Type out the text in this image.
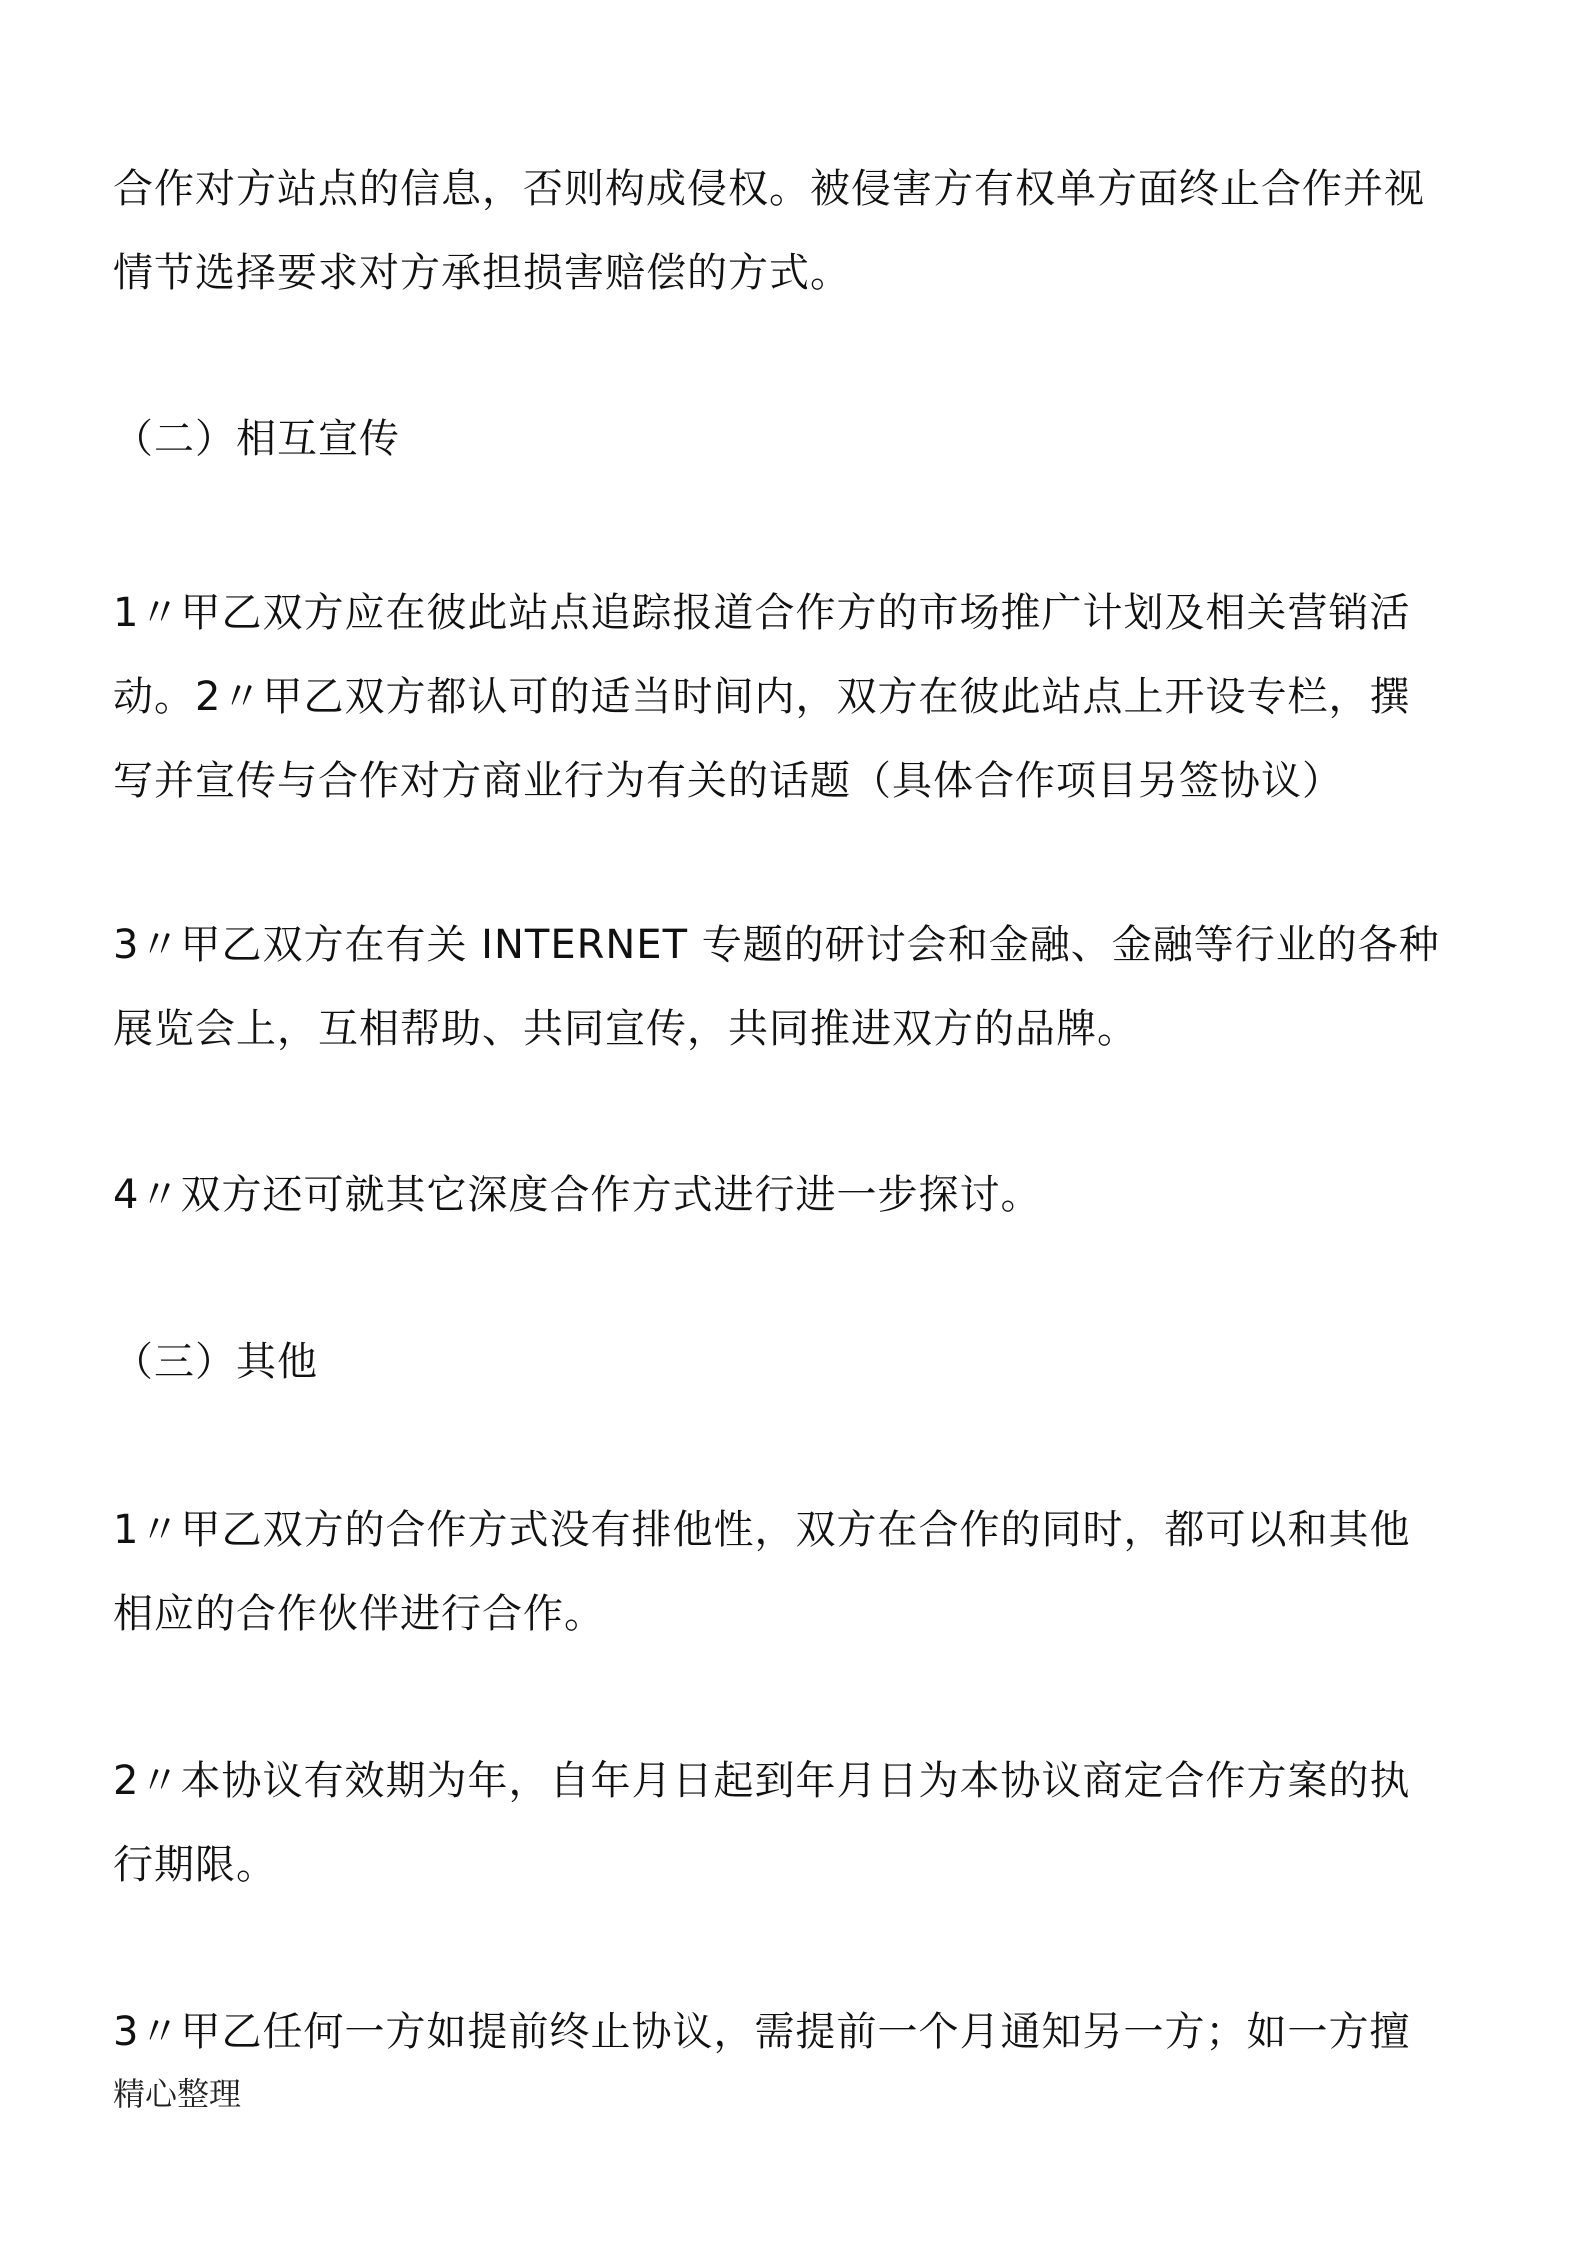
合作对方站点的信息，否则构成侵权。被侵害方有权单方面终止合作并视
情节选择要求对方承担损害赔偿的方式。

（二）相互宣传

1〃甲乙双方应在彼此站点追踪报道合作方的市场推广计划及相关营销活
动。2〃甲乙双方都认可的适当时间内，双方在彼此站点上开设专栏，撰
写并宣传与合作对方商业行为有关的话题（具体合作项目另签协议）

3〃甲乙双方在有关 INTERNET 专题的研讨会和金融、金融等行业的各种
展览会上，互相帮助、共同宣传，共同推进双方的品牌。

4〃双方还可就其它深度合作方式进行进一步探讨。

（三）其他

1〃甲乙双方的合作方式没有排他性，双方在合作的同时，都可以和其他
相应的合作伙伴进行合作。

2〃本协议有效期为年，自年月日起到年月日为本协议商定合作方案的执
行期限。

3〃甲乙任何一方如提前终止协议，需提前一个月通知另一方；如一方擅

精心整理
